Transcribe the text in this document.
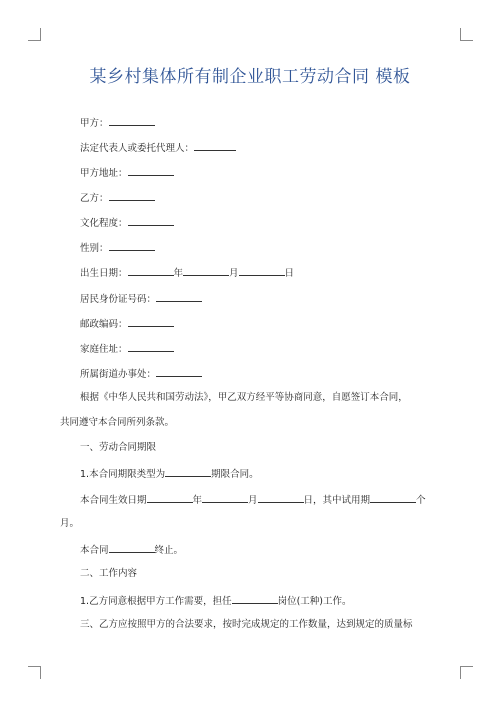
某乡村集体所有制企业职工劳动合同 模板
甲方：
法定代表人或委托代理人：
甲方地址：
乙方：
文化程度：
性别：
出生日期：	年	月	日
居民身份证号码：
邮政编码：
家庭住址：
所属街道办事处：
根据《中华人民共和国劳动法》，甲乙双方经平等协商同意，自愿签订本合同，
共同遵守本合同所列条款。
一、劳动合同期限
1.本合同期限类型为	期限合同。
本合同生效日期	年	月	日，其中试用期	个
月。
本合同	终止。
二、工作内容
1.乙方同意根据甲方工作需要，担任	岗位(工种)工作。
三、乙方应按照甲方的合法要求，按时完成规定的工作数量，达到规定的质量标
